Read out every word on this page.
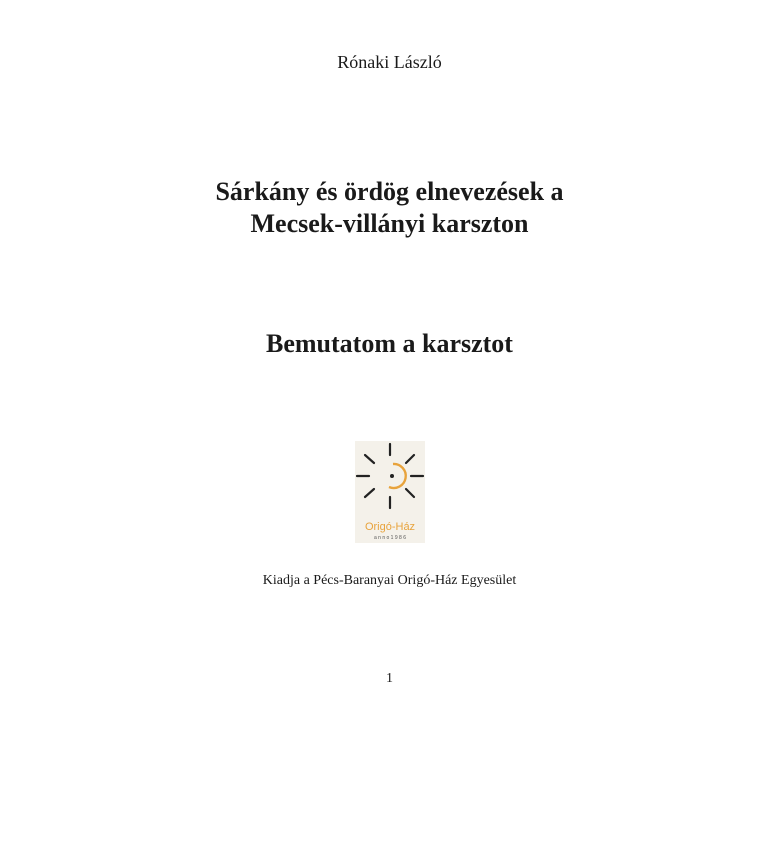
Rónaki László
Sárkány és ördög elnevezések a
Mecsek-villányi karszton
Bemutatom a karsztot
Origó-Ház
a n n o 1 9 8 6
Kiadja a Pécs-Baranyai Origó-Ház Egyesület
1
